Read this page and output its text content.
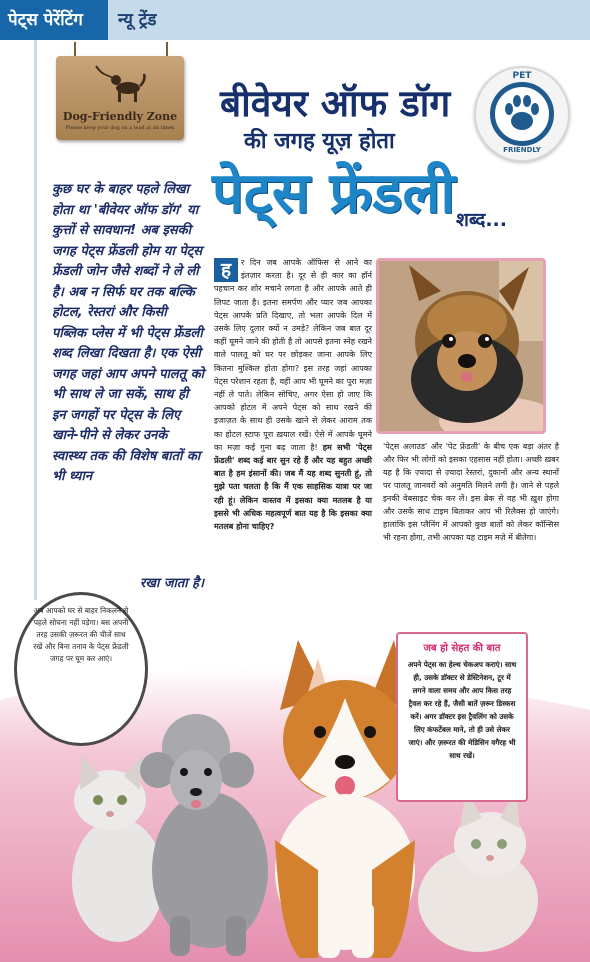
पेट्स पेरेंटिंग	न्यू ट्रेंड
Dog-Friendly Zone
Please keep your dog on a lead at all times
बीवेयर ऑफ डॉग
की जगह यूज़ होता
पेट्स फ्रेंडली शब्द...
PET
FRIENDLY
कुछ घर के बाहर पहले लिखा होता था 'बीवेयर ऑफ डॉग' या कुत्तों से सावधान! अब इसकी जगह पेट्स फ्रेंडली होम या पेट्स फ्रेंडली जोन जैसे शब्दों ने ले ली है। अब न सिर्फ घर तक बल्कि होटल, रेस्तरां और किसी पब्लिक प्लेस में भी पेट्स फ्रेंडली शब्द लिखा दिखता है। एक ऐसी जगह जहां आप अपने पालतू को भी साथ ले जा सकें, साथ ही इन जगहों पर पेट्स के लिए खाने-पीने से लेकर उनके स्वास्थ्य तक की विशेष बातों का भी ध्यान
रखा जाता है।
ह	र दिन जब आपके ऑफिस से आने का इंतज़ार करता है। दूर से ही कार का हॉर्न पहचान कर शोर मचाने लगता है और आपके आते ही लिपट जाता है। इतना समर्पण और प्यार जब आपका पेट्स आपके प्रति दिखाए, तो भला आपके दिल में उसके लिए दुलार क्यों न उमड़े? लेकिन जब बात दूर कहीं घूमने जाने की होती है तो आपसे इतना स्नेह रखने वाले पालतू को घर पर छोड़कर जाना आपके लिए कितना मुश्किल होता होगा? इस तरह जहां आपका पेट्स परेशान रहता है, वहीं आप भी घूमने का पूरा मज़ा नहीं ले पाते। लेकिन सोचिए, अगर ऐसा हो जाए कि आपको होटल में अपने पेट्स को साथ रखने की इजाज़त के साथ ही उसके खाने से लेकर आराम तक का होटल स्टाफ पूरा ख़याल रखें। ऐसे में आपके घूमने का मज़ा कई गुना बढ़ जाता है! हम सभी 'पेट्स फ्रेंडली' शब्द कई बार सुन रहे हैं और यह बहुत अच्छी बात है हम इंसानों की। जब मैं यह शब्द सुनती हूं, तो मुझे पता चलता है कि मैं एक साहसिक यात्रा पर जा रही हूं। लेकिन वास्तव में इसका क्या मतलब है या इससे भी अधिक महत्वपूर्ण बात यह है कि इसका क्या मतलब होना चाहिए?
'पेट्स अलाउड' और 'पेट फ्रेंडली' के बीच एक बड़ा अंतर है और फिर भी लोगों को इसका एहसास नहीं होता। अच्छी ख़बर यह है कि ज़्यादा से ज़्यादा रेस्तरां, दुकानों और अन्य स्थानों पर पालतू जानवरों को अनुमति मिलने लगी है। जाने से पहले इनकी वेबसाइट चेक कर लें। इस ब्रेक से वह भी ख़ुश होगा और उसके साथ टाइम बिताकर आप भी रिलैक्स हो जाएंगे। हालांकि इस प्लैनिंग में आपको कुछ बातों को लेकर कॉन्सिस भी रहना होगा, तभी आपका यह टाइम मज़े में बीतेगा।
अब आपको घर से बाहर निकलने से पहले सोचना नहीं पड़ेगा। बस अपनी तरह उसकी ज़रूरत की चीजें साथ रखें और बिना तनाव के पेट्स फ्रेंडली जगह पर घूम कर आएं।
जब हो सेहत की बात
अपने पेट्स का हेल्थ चेकअप कराएं। साथ ही, उसके डॉक्टर से डेस्टिनेशन, टूर में लगने वाला समय और आप किस तरह ट्रैवल कर रहे हैं, जैसी बातें ज़रूर डिस्कस करें। अगर डॉक्टर इस ट्रैवलिंग को उसके लिए कंफर्टेबल माने, तो ही उसे लेकर जाएं। और ज़रूरत की मेडिसिन वगैरह भी साथ रखें।
